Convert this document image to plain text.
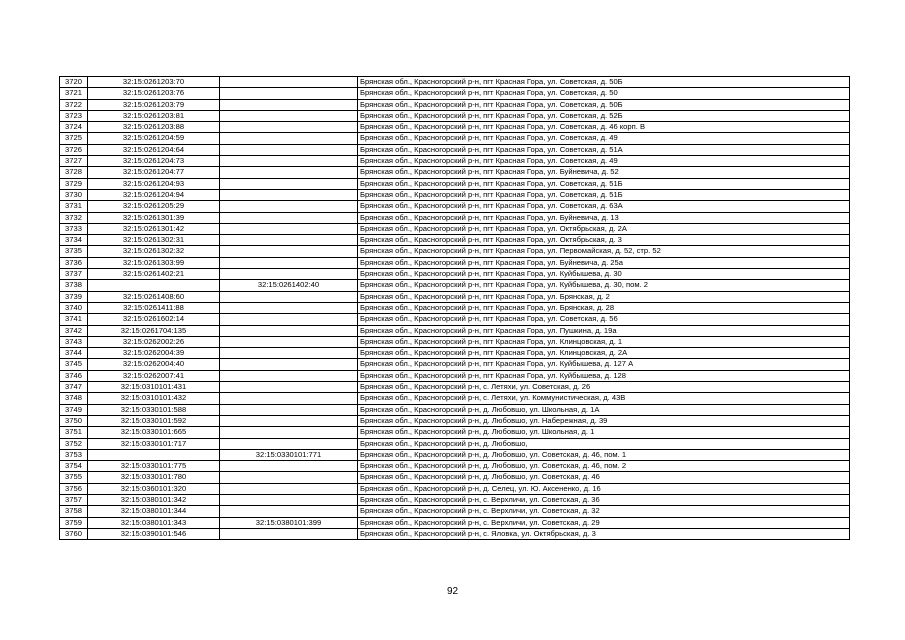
3720	32:15:0261203:70		Брянская обл., Красногорский р-н, пгт Красная Гора, ул. Советская, д. 50Б
3721	32:15:0261203:76		Брянская обл., Красногорский р-н, пгт Красная Гора, ул. Советская, д. 50
3722	32:15:0261203:79		Брянская обл., Красногорский р-н, пгт Красная Гора, ул. Советская, д. 50Б
3723	32:15:0261203:81		Брянская обл., Красногорский р-н, пгт Красная Гора, ул. Советская, д. 52Б
3724	32:15:0261203:88		Брянская обл., Красногорский р-н, пгт Красная Гора, ул. Советская, д. 46 корп. В
3725	32:15:0261204:59		Брянская обл., Красногорский р-н, пгт Красная Гора, ул. Советская, д. 49
3726	32:15:0261204:64		Брянская обл., Красногорский р-н, пгт Красная Гора, ул. Советская, д. 51А
3727	32:15:0261204:73		Брянская обл., Красногорский р-н, пгт Красная Гора, ул. Советская, д. 49
3728	32:15:0261204:77		Брянская обл., Красногорский р-н, пгт Красная Гора, ул. Буйневича, д. 52
3729	32:15:0261204:93		Брянская обл., Красногорский р-н, пгт Красная Гора, ул. Советская, д. 51Б
3730	32:15:0261204:94		Брянская обл., Красногорский р-н, пгт Красная Гора, ул. Советская, д. 51Б
3731	32:15:0261205:29		Брянская обл., Красногорский р-н, пгт Красная Гора, ул. Советская, д. 63А
3732	32:15:0261301:39		Брянская обл., Красногорский р-н, пгт Красная Гора, ул. Буйневича, д. 13
3733	32:15:0261301:42		Брянская обл., Красногорский р-н, пгт Красная Гора, ул. Октябрьская, д. 2А
3734	32:15:0261302:31		Брянская обл., Красногорский р-н, пгт Красная Гора, ул. Октябрьская, д. 3
3735	32:15:0261302:32		Брянская обл., Красногорский р-н, пгт Красная Гора, ул. Первомайская, д. 52, стр. 52
3736	32:15:0261303:99		Брянская обл., Красногорский р-н, пгт Красная Гора, ул. Буйневича, д. 25а
3737	32:15:0261402:21		Брянская обл., Красногорский р-н, пгт Красная Гора, ул. Куйбышева, д. 30
3738		32:15:0261402:40	Брянская обл., Красногорский р-н, пгт Красная Гора, ул. Куйбышева, д. 30, пом. 2
3739	32:15:0261408:60		Брянская обл., Красногорский р-н, пгт Красная Гора, ул. Брянская, д. 2
3740	32:15:0261411:88		Брянская обл., Красногорский р-н, пгт Красная Гора, ул. Брянская, д. 28
3741	32:15:0261602:14		Брянская обл., Красногорский р-н, пгт Красная Гора, ул. Советская, д. 56
3742	32:15:0261704:135		Брянская обл., Красногорский р-н, пгт Красная Гора, ул. Пушкина, д. 19а
3743	32:15:0262002:26		Брянская обл., Красногорский р-н, пгт Красная Гора, ул. Клинцовская, д. 1
3744	32:15:0262004:39		Брянская обл., Красногорский р-н, пгт Красная Гора, ул. Клинцовская, д. 2А
3745	32:15:0262004:40		Брянская обл., Красногорский р-н, пгт Красная Гора, ул. Куйбышева, д. 127 А
3746	32:15:0262007:41		Брянская обл., Красногорский р-н, пгт Красная Гора, ул. Куйбышева, д. 128
3747	32:15:0310101:431		Брянская обл., Красногорский р-н, с. Летяхи, ул. Советская, д. 26
3748	32:15:0310101:432		Брянская обл., Красногорский р-н, с. Летяхи, ул. Коммунистическая, д. 43В
3749	32:15:0330101:588		Брянская обл., Красногорский р-н, д. Любовшо, ул. Школьная, д. 1А
3750	32:15:0330101:592		Брянская обл., Красногорский р-н, д. Любовшо, ул. Набережная, д. 39
3751	32:15:0330101:665		Брянская обл., Красногорский р-н, д. Любовшо, ул. Школьная, д. 1
3752	32:15:0330101:717		Брянская обл., Красногорский р-н, д. Любовшо,
3753		32:15:0330101:771	Брянская обл., Красногорский р-н, д. Любовшо, ул. Советская, д. 46, пом. 1
3754	32:15:0330101:775		Брянская обл., Красногорский р-н, д. Любовшо, ул. Советская, д. 46, пом. 2
3755	32:15:0330101:780		Брянская обл., Красногорский р-н, д. Любовшо, ул. Советская, д. 46
3756	32:15:0360101:320		Брянская обл., Красногорский р-н, д. Селец, ул. Ю. Аксененко, д. 16
3757	32:15:0380101:342		Брянская обл., Красногорский р-н, с. Верхличи, ул. Советская, д. 36
3758	32:15:0380101:344		Брянская обл., Красногорский р-н, с. Верхличи, ул. Советская, д. 32
3759	32:15:0380101:343	32:15:0380101:399	Брянская обл., Красногорский р-н, с. Верхличи, ул. Советская, д. 29
3760	32:15:0390101:546		Брянская обл., Красногорский р-н, с. Яловка, ул. Октябрьская, д. 3
92
